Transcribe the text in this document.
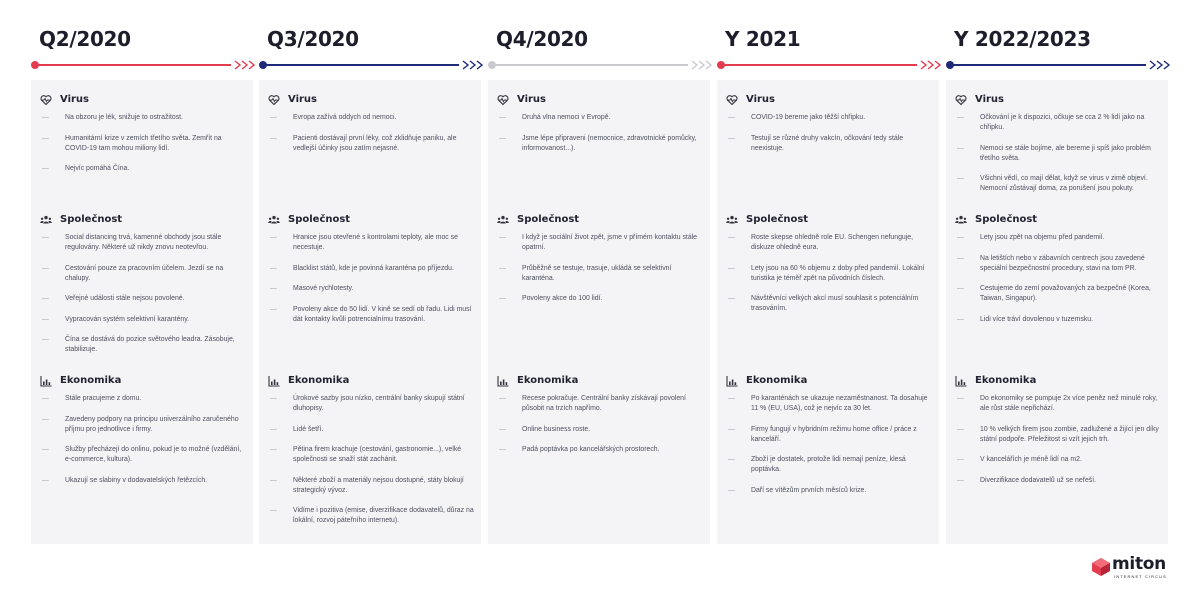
Q2/2020
Virus
— Na obzoru je lék, snižuje to ostražitost.
— Humanitární krize v zemích třetího světa. Zemřít na COVID-19 tam mohou miliony lidí.
— Nejvíc pomáhá Čína.
Společnost
— Social distancing trvá, kamenné obchody jsou stále regulovány. Některé už nikdy znovu neotevřou.
— Cestování pouze za pracovním účelem. Jezdí se na chalupy.
— Veřejné události stále nejsou povolené.
— Vypracován systém selektivní karantény.
— Čína se dostává do pozice světového leadra. Zásobuje, stabilizuje.
Ekonomika
— Stále pracujeme z domu.
— Zavedeny podpory na principu univerzálního zaručeného příjmu pro jednotlivce i firmy.
— Služby přecházejí do onlinu, pokud je to možné (vzdělání, e-commerce, kultura).
— Ukazují se slabiny v dodavatelských řetězcích.
Q3/2020
Virus
— Evropa zažívá oddych od nemoci.
— Pacienti dostávají první léky, což zklidňuje paniku, ale vedlejší účinky jsou zatím nejasné.
Společnost
— Hranice jsou otevřené s kontrolami teploty, ale moc se necestuje.
— Blacklist států, kde je povinná karanténa po příjezdu.
— Masové rychlotesty.
— Povoleny akce do 50 lidí. V kině se sedí ob řadu. Lidi musí dát kontakty kvůli potrencialnímu trasování.
Ekonomika
— Úrokové sazby jsou nízko, centrální banky skupují státní dluhopisy.
— Lidé šetří.
— Pětina firem krachuje (cestování, gastronomie...), velké společnosti se snaží stát zachánit.
— Některé zboží a materiály nejsou dostupné, státy blokují strategický vývoz.
— Vidíme i pozitiva (emise, diverzifikace dodavatelů, důraz na lokální, rozvoj páteřního internetu).
Q4/2020
Virus
— Druhá vlna nemoci v Evropě.
— Jsme lépe připraveni (nemocnice, zdravotnické pomůcky, informovanost...).
Společnost
— I když je sociální život zpět, jsme v přímém kontaktu stále opatrní.
— Průběžně se testuje, trasuje, ukládá se selektivní karanténa.
— Povoleny akce do 100 lidí.
Ekonomika
— Recese pokračuje. Centrální banky získávají povolení působit na trzích napřímo.
— Online business roste.
— Padá poptávka po kancelářských prostorech.
Y 2021
Virus
— COVID-19 bereme jako těžší chřipku.
— Testují se různé druhy vakcín, očkování tedy stále neexistuje.
Společnost
— Roste skepse ohledně role EU. Schengen nefunguje, diskuze ohledně eura.
— Lety jsou na 60 % objemu z doby před pandemií. Lokální turistika je téměř zpět na původních číslech.
— Návštěvníci velkých akcí musí souhlasit s potenciálním trasováním.
Ekonomika
— Po karanténách se ukazuje nezaměstnanost. Ta dosahuje 11 % (EU, USA), což je nejvíc za 30 let.
— Firmy fungují v hybridním režimu home office / práce z kanceláří.
— Zboží je dostatek, protože lidi nemají peníze, klesá poptávka.
— Daří se vítězům prvních měsíců krize.
Y 2022/2023
Virus
— Očkování je k dispozici, očkuje se cca 2 % lidí jako na chřipku.
— Nemoci se stále bojíme, ale bereme ji spíš jako problém třetího světa.
— Všichni vědí, co mají dělat, když se virus v zimě objeví. Nemocní zůstávají doma, za porušení jsou pokuty.
Společnost
— Lety jsou zpět na objemu před pandemií.
— Na letištích nebo v zábavních centrech jsou zavedené speciální bezpečnostní procedury, stavi na tom PR.
— Cestujeme do zemí považovaných za bezpečné (Korea, Taiwan, Singapur).
— Lidi více tráví dovolenou v tuzemsku.
Ekonomika
— Do ekonomiky se pumpuje 2x více peněz než minulé roky, ale růst stále nepřichází.
— 10 % velkých firem jsou zombie, zadlužené a žijící jen díky státní podpoře. Přeležitost si vzít jejich trh.
— V kancelářích je méně lidí na m2.
— Diverzifikace dodavatelů už se neřeší.
miton
INTERNET CIRCUS
